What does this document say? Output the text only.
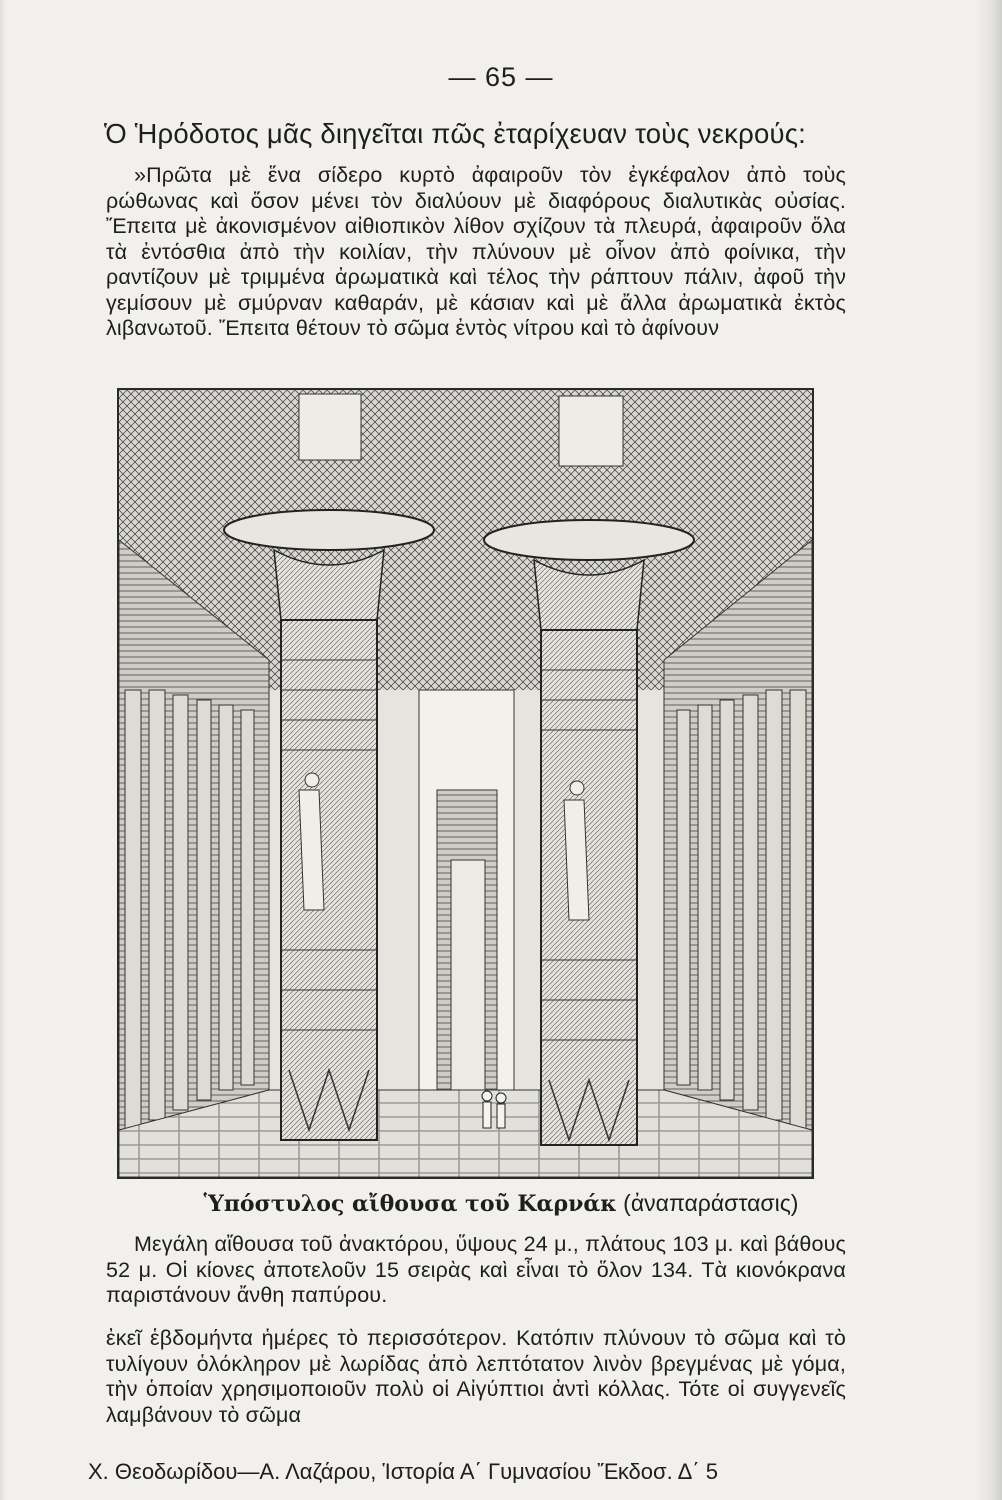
— 65 —
Ὁ Ἡρόδοτος μᾶς διηγεῖται πῶς ἐταρίχευαν τοὺς νεκρούς:

»Πρῶτα μὲ ἕνα σίδερο κυρτὸ ἀφαιροῦν τὸν ἐγκέφαλον ἀπὸ τοὺς ρώθωνας καὶ ὅσον μένει τὸν διαλύουν μὲ διαφόρους διαλυτικὰς οὐσίας. Ἔπειτα μὲ ἀκονισμένον αἰθιοπικὸν λίθον σχίζουν τὰ πλευρά, ἀφαιροῦν ὅλα τὰ ἐντόσθια ἀπὸ τὴν κοιλίαν, τὴν πλύνουν μὲ οἶνον ἀπὸ φοίνικα, τὴν ραντίζουν μὲ τριμμένα ἀρωματικὰ καὶ τέλος τὴν ράπτουν πάλιν, ἀφοῦ τὴν γεμίσουν μὲ σμύρναν καθαράν, μὲ κάσιαν καὶ μὲ ἄλλα ἀρωματικὰ ἐκτὸς λιβανωτοῦ. Ἔπειτα θέτουν τὸ σῶμα ἐντὸς νίτρου καὶ τὸ ἀφίνουν

Ὑπόστυλος αἴθουσα τοῦ Καρνάκ (ἀναπαράστασις)

Μεγάλη αἴθουσα τοῦ ἀνακτόρου, ὕψους 24 μ., πλάτους 103 μ. καὶ βάθους 52 μ. Οἱ κίονες ἀποτελοῦν 15 σειρὰς καὶ εἶναι τὸ ὅλον 134. Τὰ κιονόκρανα παριστάνουν ἄνθη παπύρου.

ἐκεῖ ἑβδομήντα ἡμέρες τὸ περισσότερον. Κατόπιν πλύνουν τὸ σῶμα καὶ τὸ τυλίγουν ὁλόκληρον μὲ λωρίδας ἀπὸ λεπτότατον λινὸν βρεγμένας μὲ γόμα, τὴν ὁποίαν χρησιμοποιοῦν πολὺ οἱ Αἰγύπτιοι ἀντὶ κόλλας. Τότε οἱ συγγενεῖς λαμβάνουν τὸ σῶμα

Χ. Θεοδωρίδου—Α. Λαζάρου, Ἱστορία Α΄ Γυμνασίου Ἔκδοσ. Δ΄ 5
